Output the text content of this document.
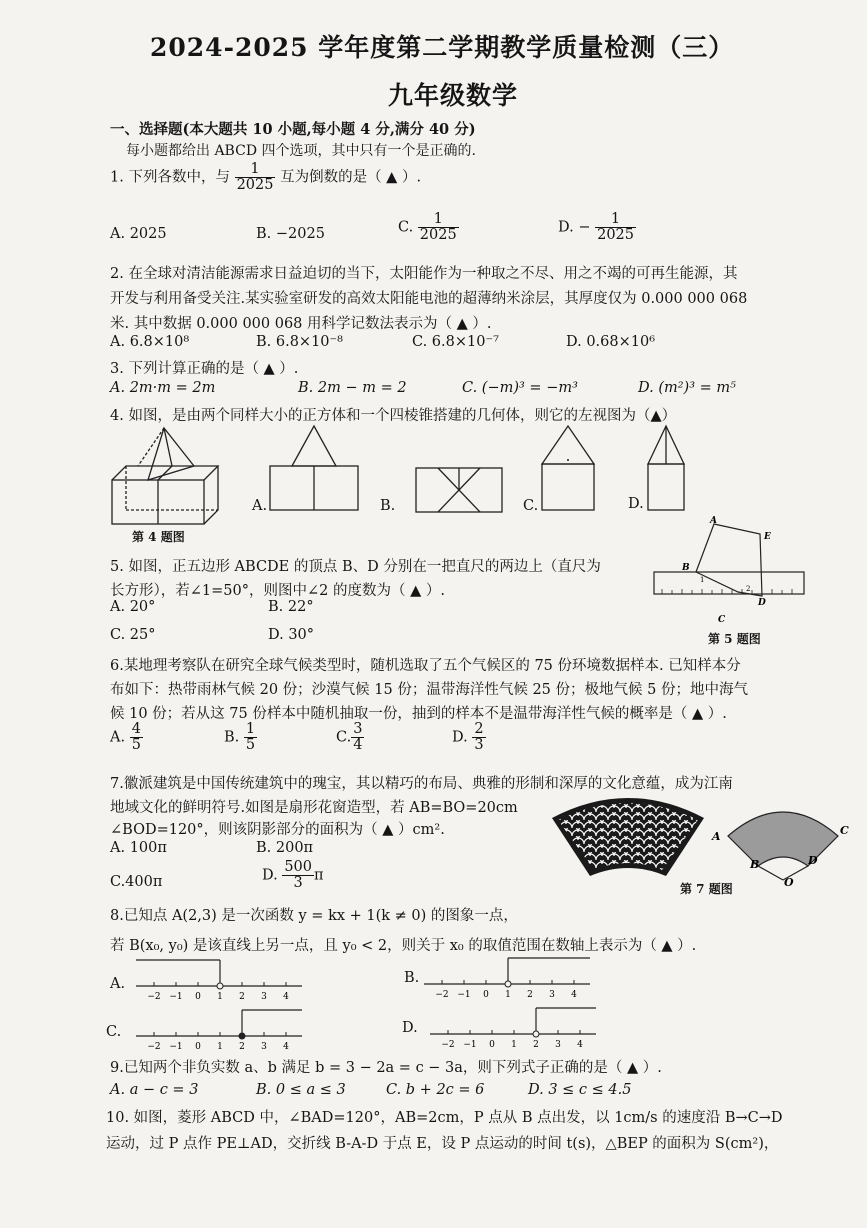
2024-2025 学年度第二学期教学质量检测（三）
九年级数学
一、选择题(本大题共 10 小题,每小题 4 分,满分 40 分)
每小题都给出 ABCD 四个选项，其中只有一个是正确的.
1. 下列各数中，与 $\frac{1}{2025}$ 互为倒数的是（ ▲ ）.
A. 2025	B. −2025	C. $\frac{1}{2025}$	D. − $\frac{1}{2025}$
2. 在全球对清洁能源需求日益迫切的当下，太阳能作为一种取之不尽、用之不竭的可再生能源，其
开发与利用备受关注.某实验室研发的高效太阳能电池的超薄纳米涂层，其厚度仅为 0.000 000 068
米. 其中数据 0.000 000 068 用科学记数法表示为（ ▲ ）.
A. 6.8×10⁸	B. 6.8×10⁻⁸	C. 6.8×10⁻⁷	D. 0.68×10⁶
3. 下列计算正确的是（ ▲ ）.
A. 2m·m = 2m	B. 2m − m = 2	C. (−m)³ = −m³	D. (m²)³ = m⁵
4. 如图，是由两个同样大小的正方体和一个四棱锥搭建的几何体，则它的左视图为（▲）
第 4 题图
A.	B.	C.	D.
5. 如图，正五边形 ABCDE 的顶点 B、D 分别在一把直尺的两边上（直尺为
长方形），若∠1=50°，则图中∠2 的度数为（ ▲ ）.
A. 20°	B. 22°
C. 25°	D. 30°
A
E
B
1
2
D
C
第 5 题图
6.某地理考察队在研究全球气候类型时，随机选取了五个气候区的 75 份环境数据样本. 已知样本分
布如下：热带雨林气候 20 份；沙漠气候 15 份；温带海洋性气候 25 份；极地气候 5 份；地中海气
候 10 份；若从这 75 份样本中随机抽取一份，抽到的样本不是温带海洋性气候的概率是（ ▲ ）.
A. $\frac{4}{5}$	B. $\frac{1}{5}$	C. $\frac{3}{4}$	D. $\frac{2}{3}$
7.徽派建筑是中国传统建筑中的瑰宝，其以精巧的布局、典雅的形制和深厚的文化意蕴，成为江南
地域文化的鲜明符号.如图是扇形花窗造型，若 AB=BO=20cm
∠BOD=120°，则该阴影部分的面积为（ ▲ ）cm².
A. 100π	B. 200π
C.400π	D. $\frac{500}{3}$ π
A	C
B	D
O
第 7 题图
8.已知点 A(2,3) 是一次函数 y = kx + 1(k ≠ 0) 的图象一点，
若 B(x₀, y₀) 是该直线上另一点，且 y₀ < 2，则关于 x₀ 的取值范围在数轴上表示为（ ▲ ）.
A.	B.
C.	D.
−2 −1 0 1 2 3 4	−2 −1 0 1 2 3 4
−2 −1 0 1 2 3 4	−2 −1 0 1 2 3 4
9.已知两个非负实数 a、b 满足 b = 3 − 2a = c − 3a，则下列式子正确的是（ ▲ ）.
A. a − c = 3	B. 0 ≤ a ≤ 3	C. b + 2c = 6	D. 3 ≤ c ≤ 4.5
10. 如图，菱形 ABCD 中，∠BAD=120°，AB=2cm，P 点从 B 点出发，以 1cm/s 的速度沿 B→C→D
运动，过 P 点作 PE⊥AD，交折线 B-A-D 于点 E，设 P 点运动的时间 t(s)，△BEP 的面积为 S(cm²)，
